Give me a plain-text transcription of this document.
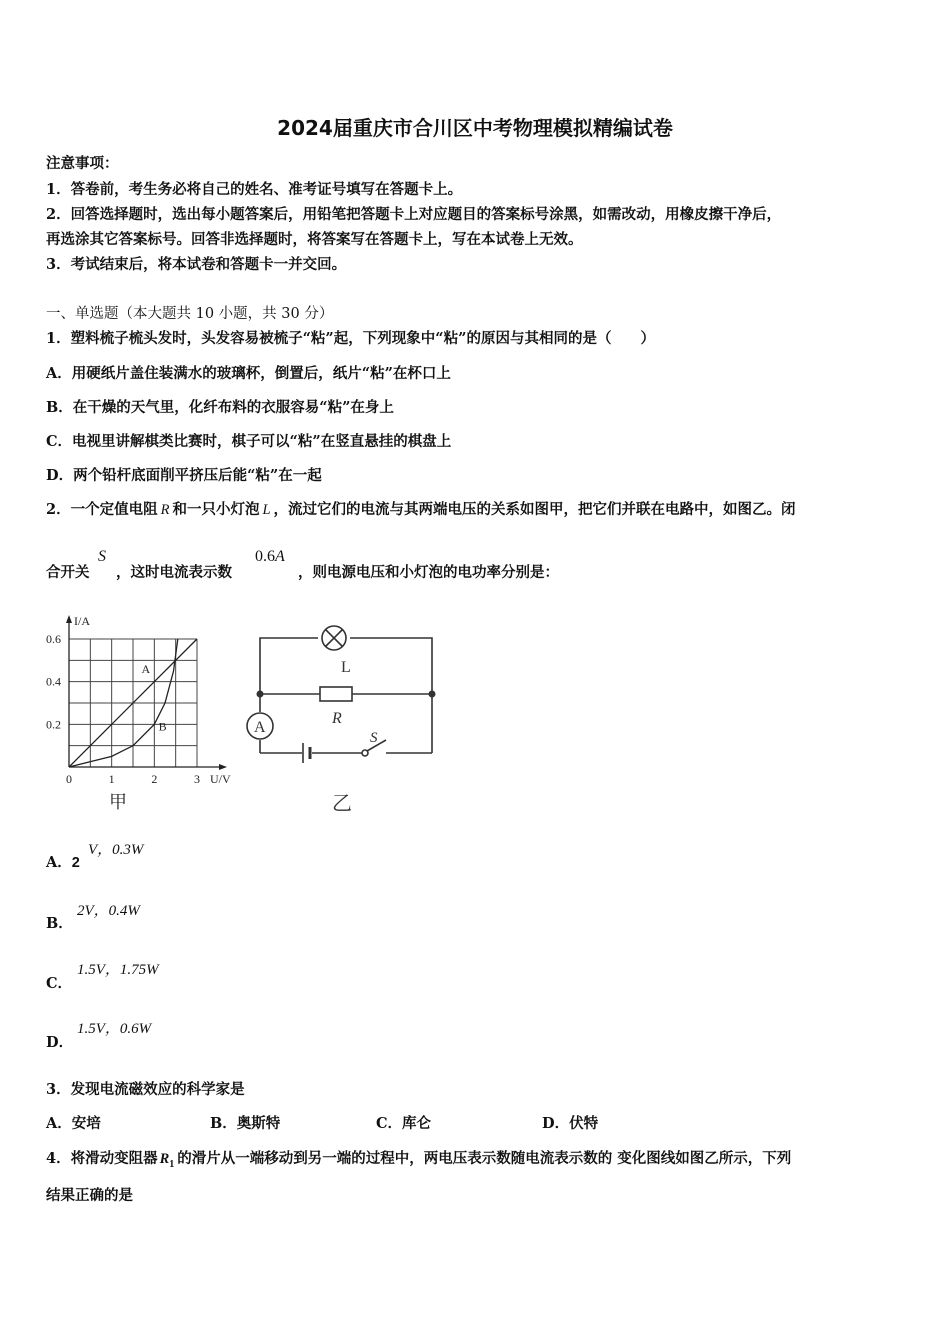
2024届重庆市合川区中考物理模拟精编试卷
注意事项：
1．答卷前，考生务必将自己的姓名、准考证号填写在答题卡上。
2．回答选择题时，选出每小题答案后，用铅笔把答题卡上对应题目的答案标号涂黑，如需改动，用橡皮擦干净后，
再选涂其它答案标号。回答非选择题时，将答案写在答题卡上，写在本试卷上无效。
3．考试结束后，将本试卷和答题卡一并交回。
一、单选题（本大题共 10 小题，共 30 分）
1．塑料梳子梳头发时，头发容易被梳子“粘”起，下列现象中“粘”的原因与其相同的是（　　）
A．用硬纸片盖住装满水的玻璃杯，倒置后，纸片“粘”在杯口上
B．在干燥的天气里，化纤布料的衣服容易“粘”在身上
C．电视里讲解棋类比赛时，棋子可以“粘”在竖直悬挂的棋盘上
D．两个铅杆底面削平挤压后能“粘”在一起
2．一个定值电阻 R 和一只小灯泡 L ，流过它们的电流与其两端电压的关系如图甲，把它们并联在电路中，如图乙。闭
合开关
S
，这时电流表示数
0.6A
，则电源电压和小灯泡的电功率分别是：
I/A
U/V
0	1	2	3
0.2
0.4
0.6
A
B
甲
L
R
A
S
乙
A．2
V，0.3W
B．
2V，0.4W
C．
1.5V，1.75W
D．
1.5V，0.6W
3．发现电流磁效应的科学家是
A．安培	B．奥斯特	C．库仑	D．伏特
4．将滑动变阻器 $R_1$ 的滑片从一端移动到另一端的过程中，两电压表示数随电流表示数的 变化图线如图乙所示，下列
结果正确的是
